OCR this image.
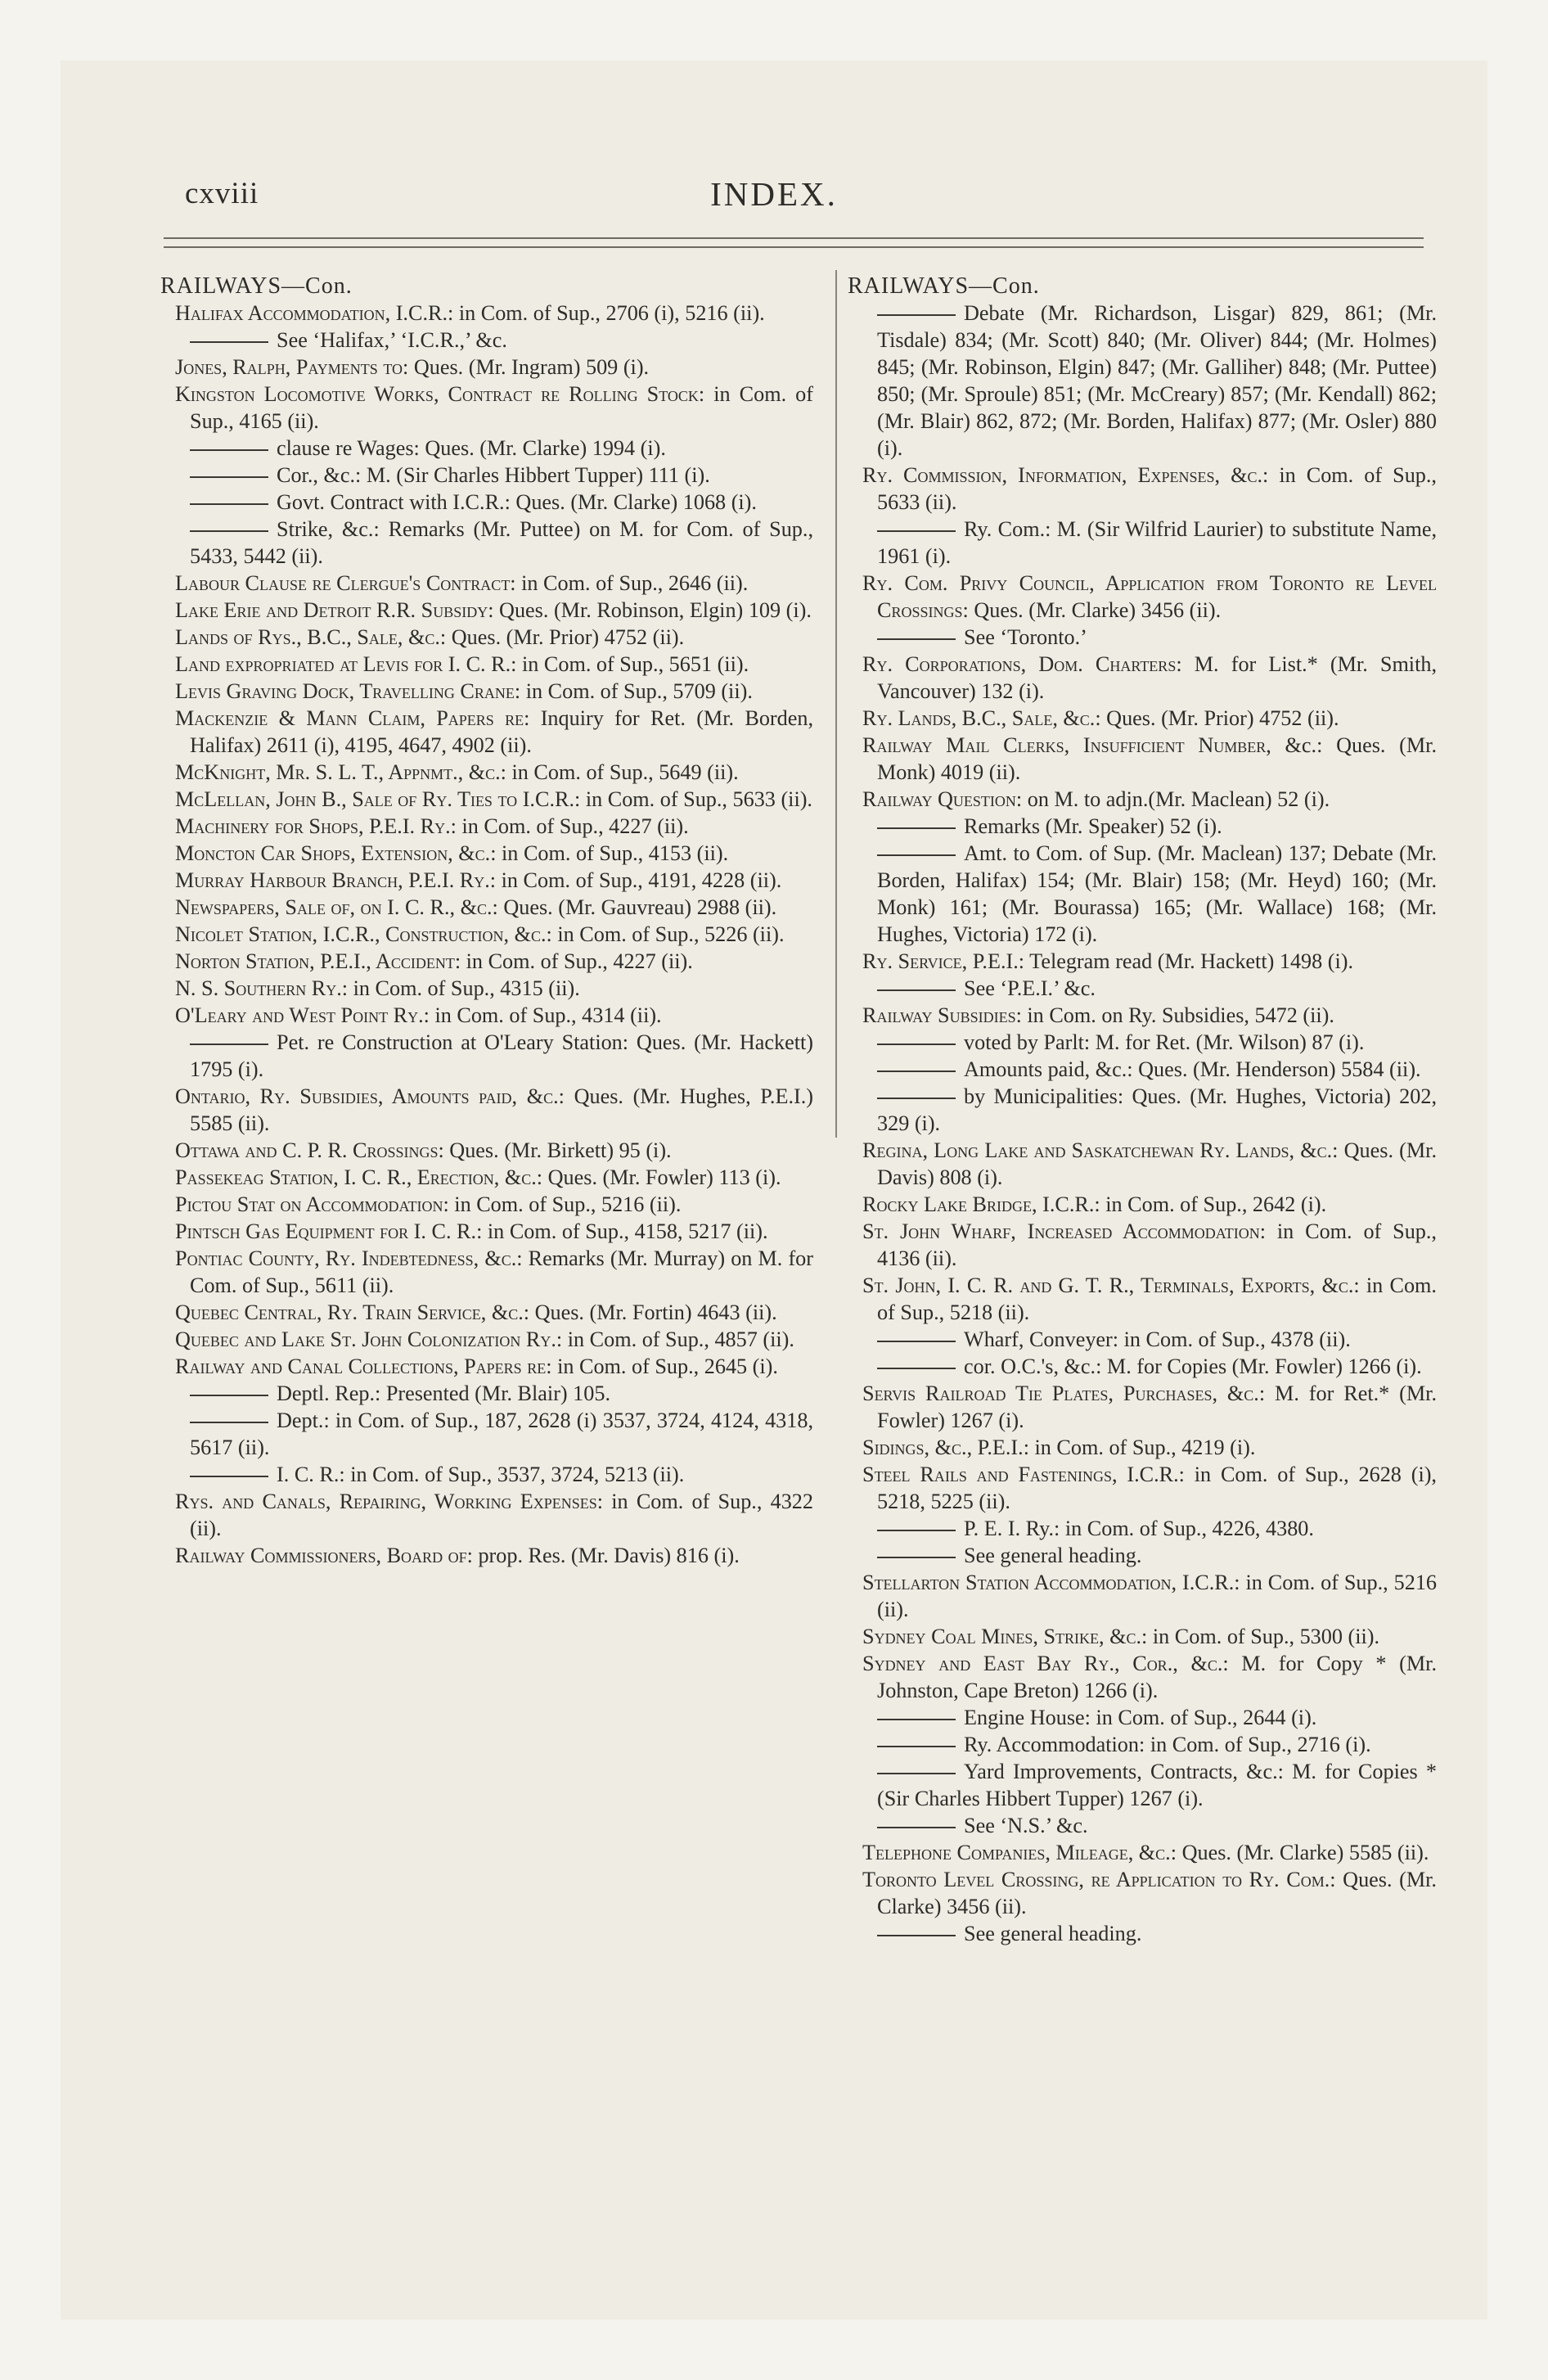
cxviii	INDEX.
RAILWAYS—Con.
Halifax Accommodation, I.C.R.: in Com. of Sup., 2706 (i), 5216 (ii).
See ‘Halifax,’ ‘I.C.R.,’ &c.
Jones, Ralph, Payments to: Ques. (Mr. Ingram) 509 (i).
Kingston Locomotive Works, Contract re Rolling Stock: in Com. of Sup., 4165 (ii).
clause re Wages: Ques. (Mr. Clarke) 1994 (i).
Cor., &c.: M. (Sir Charles Hibbert Tupper) 111 (i).
Govt. Contract with I.C.R.: Ques. (Mr. Clarke) 1068 (i).
Strike, &c.: Remarks (Mr. Puttee) on M. for Com. of Sup., 5433, 5442 (ii).
Labour Clause re Clergue's Contract: in Com. of Sup., 2646 (ii).
Lake Erie and Detroit R.R. Subsidy: Ques. (Mr. Robinson, Elgin) 109 (i).
Lands of Rys., B.C., Sale, &c.: Ques. (Mr. Prior) 4752 (ii).
Land expropriated at Levis for I. C. R.: in Com. of Sup., 5651 (ii).
Levis Graving Dock, Travelling Crane: in Com. of Sup., 5709 (ii).
Mackenzie & Mann Claim, Papers re: Inquiry for Ret. (Mr. Borden, Halifax) 2611 (i), 4195, 4647, 4902 (ii).
McKnight, Mr. S. L. T., Appnmt., &c.: in Com. of Sup., 5649 (ii).
McLellan, John B., Sale of Ry. Ties to I.C.R.: in Com. of Sup., 5633 (ii).
Machinery for Shops, P.E.I. Ry.: in Com. of Sup., 4227 (ii).
Moncton Car Shops, Extension, &c.: in Com. of Sup., 4153 (ii).
Murray Harbour Branch, P.E.I. Ry.: in Com. of Sup., 4191, 4228 (ii).
Newspapers, Sale of, on I. C. R., &c.: Ques. (Mr. Gauvreau) 2988 (ii).
Nicolet Station, I.C.R., Construction, &c.: in Com. of Sup., 5226 (ii).
Norton Station, P.E.I., Accident: in Com. of Sup., 4227 (ii).
N. S. Southern Ry.: in Com. of Sup., 4315 (ii).
O'Leary and West Point Ry.: in Com. of Sup., 4314 (ii).
Pet. re Construction at O'Leary Station: Ques. (Mr. Hackett) 1795 (i).
Ontario, Ry. Subsidies, Amounts paid, &c.: Ques. (Mr. Hughes, P.E.I.) 5585 (ii).
Ottawa and C. P. R. Crossings: Ques. (Mr. Birkett) 95 (i).
Passekeag Station, I. C. R., Erection, &c.: Ques. (Mr. Fowler) 113 (i).
Pictou Stat on Accommodation: in Com. of Sup., 5216 (ii).
Pintsch Gas Equipment for I. C. R.: in Com. of Sup., 4158, 5217 (ii).
Pontiac County, Ry. Indebtedness, &c.: Remarks (Mr. Murray) on M. for Com. of Sup., 5611 (ii).
Quebec Central, Ry. Train Service, &c.: Ques. (Mr. Fortin) 4643 (ii).
Quebec and Lake St. John Colonization Ry.: in Com. of Sup., 4857 (ii).
Railway and Canal Collections, Papers re: in Com. of Sup., 2645 (i).
Deptl. Rep.: Presented (Mr. Blair) 105.
Dept.: in Com. of Sup., 187, 2628 (i) 3537, 3724, 4124, 4318, 5617 (ii).
I. C. R.: in Com. of Sup., 3537, 3724, 5213 (ii).
Rys. and Canals, Repairing, Working Expenses: in Com. of Sup., 4322 (ii).
Railway Commissioners, Board of: prop. Res. (Mr. Davis) 816 (i).
RAILWAYS—Con.
Debate (Mr. Richardson, Lisgar) 829, 861; (Mr. Tisdale) 834; (Mr. Scott) 840; (Mr. Oliver) 844; (Mr. Holmes) 845; (Mr. Robinson, Elgin) 847; (Mr. Galliher) 848; (Mr. Puttee) 850; (Mr. Sproule) 851; (Mr. McCreary) 857; (Mr. Kendall) 862; (Mr. Blair) 862, 872; (Mr. Borden, Halifax) 877; (Mr. Osler) 880 (i).
Ry. Commission, Information, Expenses, &c.: in Com. of Sup., 5633 (ii).
Ry. Com.: M. (Sir Wilfrid Laurier) to substitute Name, 1961 (i).
Ry. Com. Privy Council, Application from Toronto re Level Crossings: Ques. (Mr. Clarke) 3456 (ii).
See ‘Toronto.’
Ry. Corporations, Dom. Charters: M. for List.* (Mr. Smith, Vancouver) 132 (i).
Ry. Lands, B.C., Sale, &c.: Ques. (Mr. Prior) 4752 (ii).
Railway Mail Clerks, Insufficient Number, &c.: Ques. (Mr. Monk) 4019 (ii).
Railway Question: on M. to adjn.(Mr. Maclean) 52 (i).
Remarks (Mr. Speaker) 52 (i).
Amt. to Com. of Sup. (Mr. Maclean) 137; Debate (Mr. Borden, Halifax) 154; (Mr. Blair) 158; (Mr. Heyd) 160; (Mr. Monk) 161; (Mr. Bourassa) 165; (Mr. Wallace) 168; (Mr. Hughes, Victoria) 172 (i).
Ry. Service, P.E.I.: Telegram read (Mr. Hackett) 1498 (i).
See ‘P.E.I.’ &c.
Railway Subsidies: in Com. on Ry. Subsidies, 5472 (ii).
voted by Parlt: M. for Ret. (Mr. Wilson) 87 (i).
Amounts paid, &c.: Ques. (Mr. Henderson) 5584 (ii).
by Municipalities: Ques. (Mr. Hughes, Victoria) 202, 329 (i).
Regina, Long Lake and Saskatchewan Ry. Lands, &c.: Ques. (Mr. Davis) 808 (i).
Rocky Lake Bridge, I.C.R.: in Com. of Sup., 2642 (i).
St. John Wharf, Increased Accommodation: in Com. of Sup., 4136 (ii).
St. John, I. C. R. and G. T. R., Terminals, Exports, &c.: in Com. of Sup., 5218 (ii).
Wharf, Conveyer: in Com. of Sup., 4378 (ii).
cor. O.C.'s, &c.: M. for Copies (Mr. Fowler) 1266 (i).
Servis Railroad Tie Plates, Purchases, &c.: M. for Ret.* (Mr. Fowler) 1267 (i).
Sidings, &c., P.E.I.: in Com. of Sup., 4219 (i).
Steel Rails and Fastenings, I.C.R.: in Com. of Sup., 2628 (i), 5218, 5225 (ii).
P. E. I. Ry.: in Com. of Sup., 4226, 4380.
See general heading.
Stellarton Station Accommodation, I.C.R.: in Com. of Sup., 5216 (ii).
Sydney Coal Mines, Strike, &c.: in Com. of Sup., 5300 (ii).
Sydney and East Bay Ry., Cor., &c.: M. for Copy * (Mr. Johnston, Cape Breton) 1266 (i).
Engine House: in Com. of Sup., 2644 (i).
Ry. Accommodation: in Com. of Sup., 2716 (i).
Yard Improvements, Contracts, &c.: M. for Copies * (Sir Charles Hibbert Tupper) 1267 (i).
See ‘N.S.’ &c.
Telephone Companies, Mileage, &c.: Ques. (Mr. Clarke) 5585 (ii).
Toronto Level Crossing, re Application to Ry. Com.: Ques. (Mr. Clarke) 3456 (ii).
See general heading.
